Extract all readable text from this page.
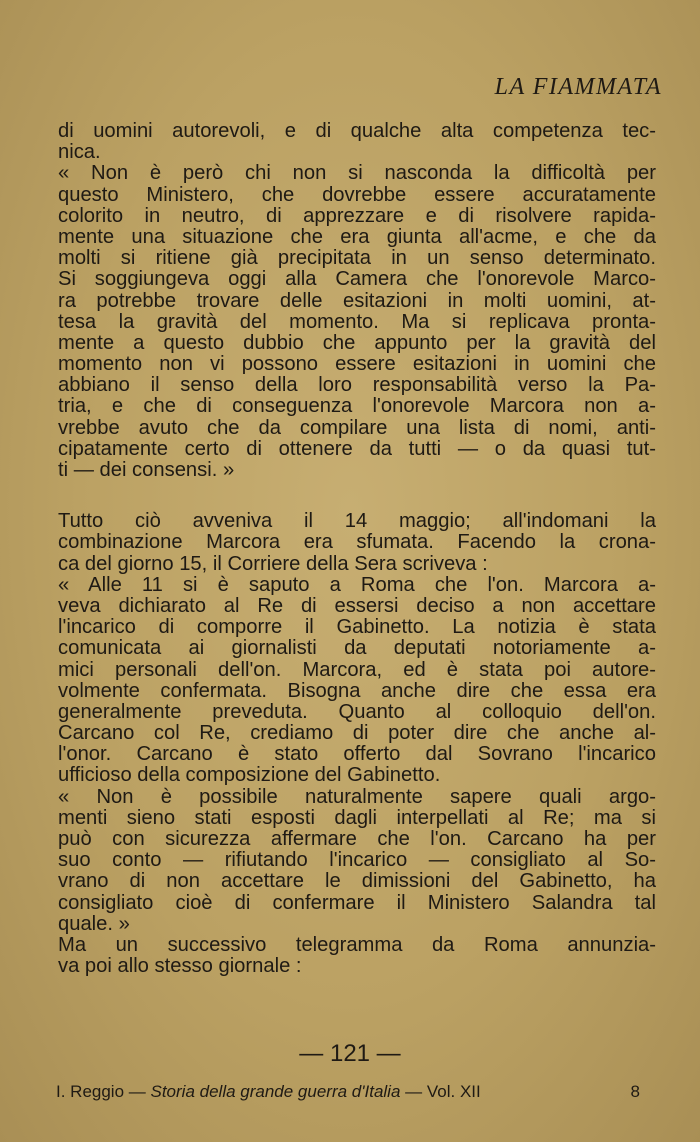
LA FIAMMATA
di uomini autorevoli, e di qualche alta competenza tec-
nica.
« Non è però chi non si nasconda la difficoltà per
questo Ministero, che dovrebbe essere accuratamente
colorito in neutro, di apprezzare e di risolvere rapida-
mente una situazione che era giunta all'acme, e che da
molti si ritiene già precipitata in un senso determinato.
Si soggiungeva oggi alla Camera che l'onorevole Marco-
ra potrebbe trovare delle esitazioni in molti uomini, at-
tesa la gravità del momento. Ma si replicava pronta-
mente a questo dubbio che appunto per la gravità del
momento non vi possono essere esitazioni in uomini che
abbiano il senso della loro responsabilità verso la Pa-
tria, e che di conseguenza l'onorevole Marcora non a-
vrebbe avuto che da compilare una lista di nomi, anti-
cipatamente certo di ottenere da tutti — o da quasi tut-
ti — dei consensi. »
Tutto ciò avveniva il 14 maggio; all'indomani la
combinazione Marcora era sfumata. Facendo la crona-
ca del giorno 15, il Corriere della Sera scriveva :
« Alle 11 si è saputo a Roma che l'on. Marcora a-
veva dichiarato al Re di essersi deciso a non accettare
l'incarico di comporre il Gabinetto. La notizia è stata
comunicata ai giornalisti da deputati notoriamente a-
mici personali dell'on. Marcora, ed è stata poi autore-
volmente confermata. Bisogna anche dire che essa era
generalmente preveduta. Quanto al colloquio dell'on.
Carcano col Re, crediamo di poter dire che anche al-
l'onor. Carcano è stato offerto dal Sovrano l'incarico
ufficioso della composizione del Gabinetto.
« Non è possibile naturalmente sapere quali argo-
menti sieno stati esposti dagli interpellati al Re; ma si
può con sicurezza affermare che l'on. Carcano ha per
suo conto — rifiutando l'incarico — consigliato al So-
vrano di non accettare le dimissioni del Gabinetto, ha
consigliato cioè di confermare il Ministero Salandra tal
quale. »
Ma un successivo telegramma da Roma annunzia-
va poi allo stesso giornale :
— 121 —
I. Reggio — Storia della grande guerra d'Italia — Vol. XII	8
